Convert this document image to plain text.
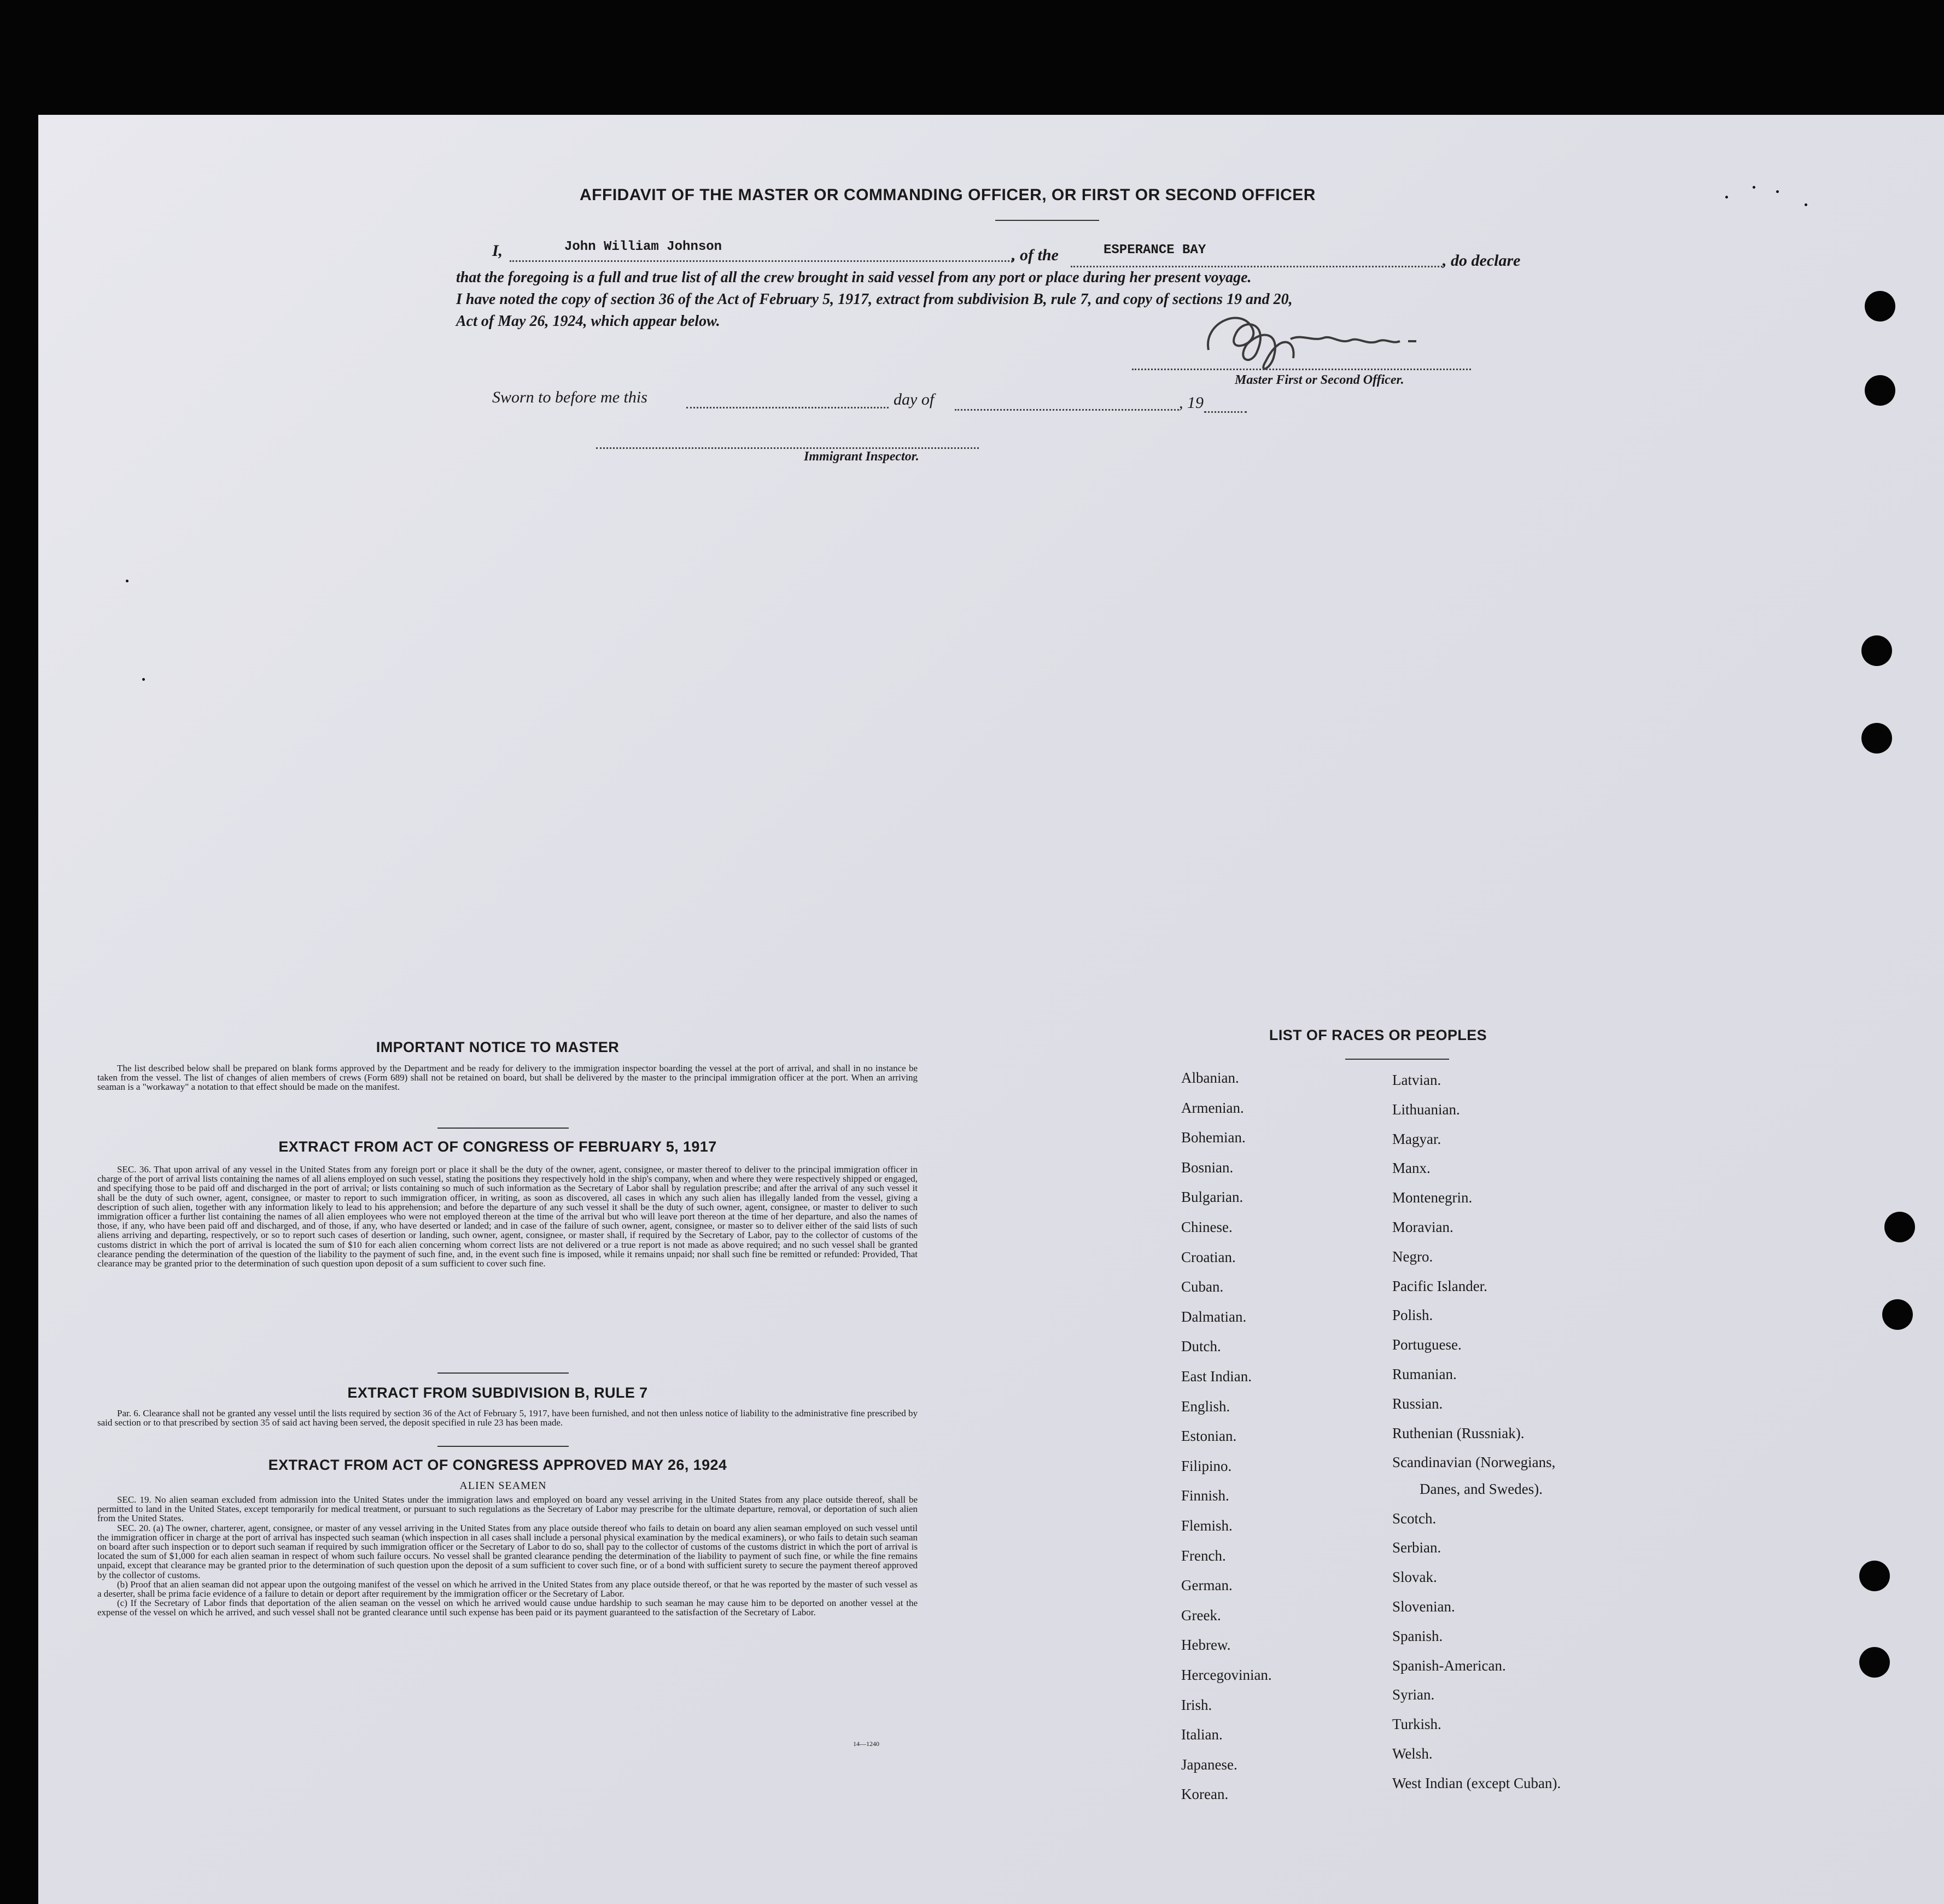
AFFIDAVIT OF THE MASTER OR COMMANDING OFFICER, OR FIRST OR SECOND OFFICER
I,	John William Johnson	, of the	ESPERANCE BAY
, do declare
that the foregoing is a full and true list of all the crew brought in said vessel from any port or place during her present voyage.
I have noted the copy of section 36 of the Act of February 5, 1917, extract from subdivision B, rule 7, and copy of sections 19 and 20,
Act of May 26, 1924, which appear below.
Master First or Second Officer.
Sworn to before me this	day of	, 19
Immigrant Inspector.
IMPORTANT NOTICE TO MASTER

The list described below shall be prepared on blank forms approved by the Department and be ready for delivery to the immigration inspector boarding the vessel at the port of arrival, and shall in no instance be taken from the vessel. The list of changes of alien members of crews (Form 689) shall not be retained on board, but shall be delivered by the master to the principal immigration officer at the port. When an arriving seaman is a "workaway" a notation to that effect should be made on the manifest.

EXTRACT FROM ACT OF CONGRESS OF FEBRUARY 5, 1917

SEC. 36. That upon arrival of any vessel in the United States from any foreign port or place it shall be the duty of the owner, agent, consignee, or master thereof to deliver to the principal immigration officer in charge of the port of arrival lists containing the names of all aliens employed on such vessel, stating the positions they respectively hold in the ship's company, when and where they were respectively shipped or engaged, and specifying those to be paid off and discharged in the port of arrival; or lists containing so much of such information as the Secretary of Labor shall by regulation prescribe; and after the arrival of any such vessel it shall be the duty of such owner, agent, consignee, or master to report to such immigration officer, in writing, as soon as discovered, all cases in which any such alien has illegally landed from the vessel, giving a description of such alien, together with any information likely to lead to his apprehension; and before the departure of any such vessel it shall be the duty of such owner, agent, consignee, or master to deliver to such immigration officer a further list containing the names of all alien employees who were not employed thereon at the time of the arrival but who will leave port thereon at the time of her departure, and also the names of those, if any, who have been paid off and discharged, and of those, if any, who have deserted or landed; and in case of the failure of such owner, agent, consignee, or master so to deliver either of the said lists of such aliens arriving and departing, respectively, or so to report such cases of desertion or landing, such owner, agent, consignee, or master shall, if required by the Secretary of Labor, pay to the collector of customs of the customs district in which the port of arrival is located the sum of $10 for each alien concerning whom correct lists are not delivered or a true report is not made as above required; and no such vessel shall be granted clearance pending the determination of the question of the liability to the payment of such fine, and, in the event such fine is imposed, while it remains unpaid; nor shall such fine be remitted or refunded: Provided, That clearance may be granted prior to the determination of such question upon deposit of a sum sufficient to cover such fine.

EXTRACT FROM SUBDIVISION B, RULE 7

Par. 6. Clearance shall not be granted any vessel until the lists required by section 36 of the Act of February 5, 1917, have been furnished, and not then unless notice of liability to the administrative fine prescribed by said section or to that prescribed by section 35 of said act having been served, the deposit specified in rule 23 has been made.

EXTRACT FROM ACT OF CONGRESS APPROVED MAY 26, 1924
ALIEN SEAMEN

SEC. 19. No alien seaman excluded from admission into the United States under the immigration laws and employed on board any vessel arriving in the United States from any place outside thereof, shall be permitted to land in the United States, except temporarily for medical treatment, or pursuant to such regulations as the Secretary of Labor may prescribe for the ultimate departure, removal, or deportation of such alien from the United States.

SEC. 20. (a) The owner, charterer, agent, consignee, or master of any vessel arriving in the United States from any place outside thereof who fails to detain on board any alien seaman employed on such vessel until the immigration officer in charge at the port of arrival has inspected such seaman (which inspection in all cases shall include a personal physical examination by the medical examiners), or who fails to detain such seaman on board after such inspection or to deport such seaman if required by such immigration officer or the Secretary of Labor to do so, shall pay to the collector of customs of the customs district in which the port of arrival is located the sum of $1,000 for each alien seaman in respect of whom such failure occurs. No vessel shall be granted clearance pending the determination of the liability to payment of such fine, or while the fine remains unpaid, except that clearance may be granted prior to the determination of such question upon the deposit of a sum sufficient to cover such fine, or of a bond with sufficient surety to secure the payment thereof approved by the collector of customs.

(b) Proof that an alien seaman did not appear upon the outgoing manifest of the vessel on which he arrived in the United States from any place outside thereof, or that he was reported by the master of such vessel as a deserter, shall be prima facie evidence of a failure to detain or deport after requirement by the immigration officer or the Secretary of Labor.

(c) If the Secretary of Labor finds that deportation of the alien seaman on the vessel on which he arrived would cause undue hardship to such seaman he may cause him to be deported on another vessel at the expense of the vessel on which he arrived, and such vessel shall not be granted clearance until such expense has been paid or its payment guaranteed to the satisfaction of the Secretary of Labor.

14—1240
LIST OF RACES OR PEOPLES
Albanian.
Armenian.
Bohemian.
Bosnian.
Bulgarian.
Chinese.
Croatian.
Cuban.
Dalmatian.
Dutch.
East Indian.
English.
Estonian.
Filipino.
Finnish.
Flemish.
French.
German.
Greek.
Hebrew.
Hercegovinian.
Irish.
Italian.
Japanese.
Korean.
Latvian.
Lithuanian.
Magyar.
Manx.
Montenegrin.
Moravian.
Negro.
Pacific Islander.
Polish.
Portuguese.
Rumanian.
Russian.
Ruthenian (Russniak).
Scandinavian (Norwegians,
Danes, and Swedes).
Scotch.
Serbian.
Slovak.
Slovenian.
Spanish.
Spanish-American.
Syrian.
Turkish.
Welsh.
West Indian (except Cuban).
